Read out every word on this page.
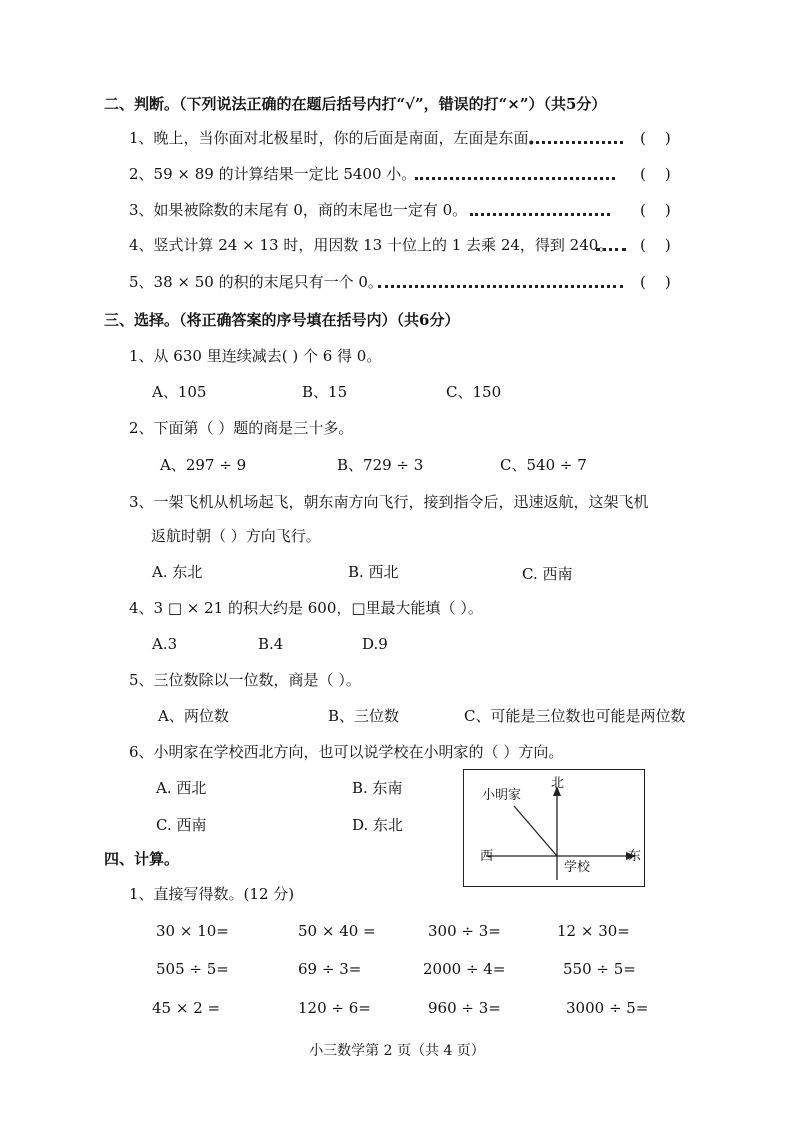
二、判断。（下列说法正确的在题后括号内打“√”，错误的打“×”）（共5分）
1、晚上，当你面对北极星时，你的后面是南面，左面是东面。	(    )
2、59 × 89 的计算结果一定比 5400 小。	(    )
3、如果被除数的末尾有 0，商的末尾也一定有 0。	(    )
4、竖式计算 24 × 13 时，用因数 13 十位上的 1 去乘 24，得到 240。 (    )
5、38 × 50 的积的末尾只有一个 0。	(    )
三、选择。（将正确答案的序号填在括号内）（共6分）
1、从 630 里连续减去( ) 个 6 得 0。
A、105	B、15	C、150
2、下面第（ ）题的商是三十多。
A、297 ÷ 9	B、729 ÷ 3	C、540 ÷ 7
3、一架飞机从机场起飞，朝东南方向飞行，接到指令后，迅速返航，这架飞机
返航时朝（ ）方向飞行。
A. 东北	B. 西北	C. 西南
4、3 □ × 21 的积大约是 600，□里最大能填（ ）。
A.3	B.4	D.9
5、三位数除以一位数，商是（ ）。
A、两位数	B、三位数	C、可能是三位数也可能是两位数
6、小明家在学校西北方向，也可以说学校在小明家的（ ）方向。
A. 西北	B. 东南
C. 西南	D. 东北
小明家
北
西	东
学校
四、计算。
1、直接写得数。(12 分)
30 × 10=	50 × 40 =	300 ÷ 3=	12 × 30=
505 ÷ 5=	69 ÷ 3=	2000 ÷ 4=	550 ÷ 5=
45 × 2 =	120 ÷ 6=	960 ÷ 3=	3000 ÷ 5=
小三数学第 2 页（共 4 页）
